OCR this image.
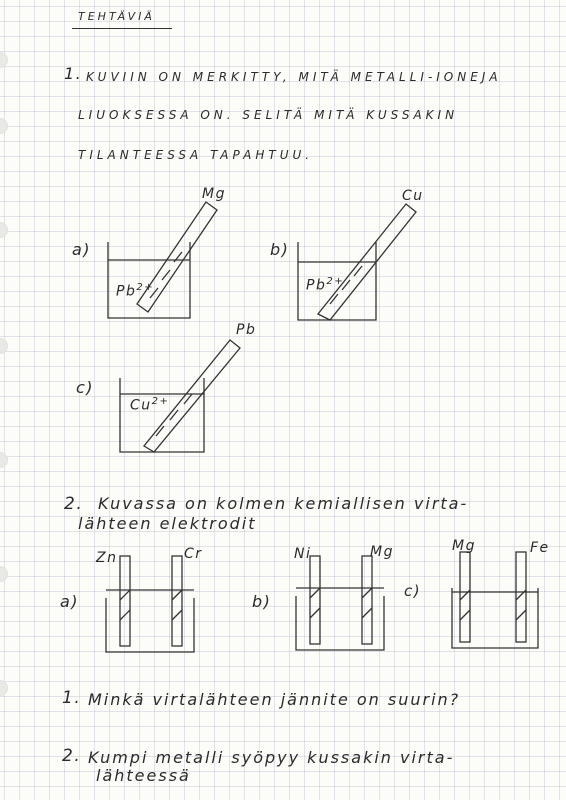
TEHTÄVIÄ
1. KUVIIN ON MERKITTY, MITÄ METALLI-IONEJA
LIUOKSESSA ON. SELITÄ MITÄ KUSSAKIN
TILANTEESSA TAPAHTUU.
a)
Mg
$Pb^{2+}$
b)
Cu
$Pb^{2+}$
c)
Pb
$Cu^{2+}$
2. Kuvassa on kolmen kemiallisen virta-
lähteen elektrodit
a)
Zn	Cr
b)
Ni	Mg
c)
Mg	Fe
1. Minkä virtalähteen jännite on suurin?
2. Kumpi metalli syöpyy kussakin virta-
lähteessä
